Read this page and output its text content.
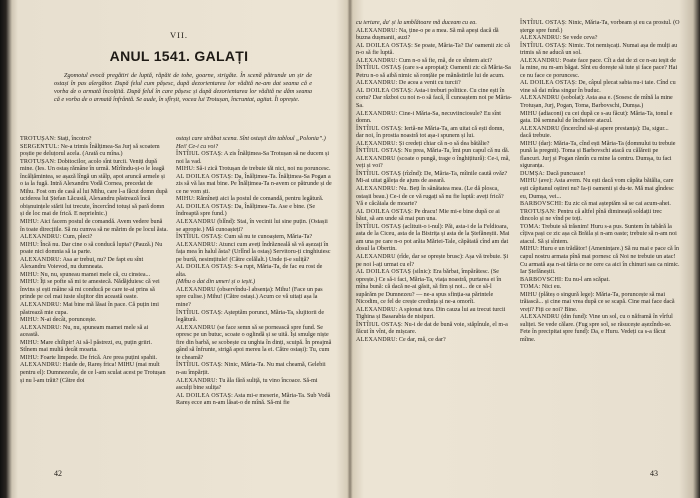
VII.
ANUL 1541. GALAȚI
Zgomotul evocă pregătiri de luptă, răpăit de tobe, goarne, strigăte. În scenă pătrunde un șir de ostași în pas alergător. După felul cum pășesc, după dezorientarea lor vădită ne-am dat seama că e vorba de o armată încolțită. După felul în care pășesc și după dezorientarea lor vădită ne dăm seama că e vorba de o armată înfrântă. Se aude, în sfîrșit, vocea lui Trotușan, încruntat, agitat. Îi oprește.

TROTUȘAN: Stați, încotro?

SERGENTUL: Ne-a trimis Înălțimea-Sa Jurj să scoatem poștie pe deluțorul acela. (Arată cu mîna.)

TROTUȘAN: Dobitocilor, acolo sînt turcii. Veniți după mine. (Ies. Un ostaș rămâne în urmă. Mîrîindu-și-o le leagă încălțămintea, se așază lîngă un stâlp, apoi aruncă armele și o ia la fugă. Intră Alexandru Vodă Cornea, precedat de Mihu. Fost om de casă al lui Mihu, care l-a făcut domn după uciderea lui Ștefan Lăcustă, Alexandru păstrează încă obișnuințele stării lui trecute, încercînd totuși să pară domn și de loc mai de frică. E neprielnic.)

MIHU: Aici facem postul de comandă. Avem vedere bună în toate direcțiile. Să nu cumva să ne mărim de pe locul ăsta.

ALEXANDRU: Cum, pleci?

MIHU: Încă nu. Dar cine o să conducă lupta? (Pauză.) Nu poate nici domnia să ia parte.

ALEXANDRU: Asa ar trebui, nu? De fapt eu sînt Alexandru Voievod, nu dumneata.

MIHU: Nu, nu, spuneau mamei mele că, cu cinstea...

MIHU: Îți se pofte să mi te amestecă. Nădăjduiesc că vei învins și ești mâine să mi conducă pe care te-ai prins să prinde pe cel mai iuste slujitor din această oaste.

ALEXANDRU: Mai bine mă lăsai în pace. Că puțin imi păstrează mie cupa.

MIHU: N-ai decât, poruncește.

ALEXANDRU: Nu, nu, spuneam mamei mele să ai această.

MIHU: Mare chilipir! Ai să-l păstrezi, eu, puțin griiri. Stînem mai multă decât moarta.

MIHU: Foarte limpede. De frică. Are prea puțini spahii.

ALEXANDRU: Haide de, Rareș frica! MIHU (mai mult pentru el): Dumnezeule, de ce l-am sculat acest pe Trotușan și nu l-am trăit? (Către doi

ostași care străbat scena. Sînt ostașii din tabloul „Polonia”.) Hei! Ce-i cu voi?

ÎNTÎIUL OSTAȘ: A zis Înălțimea-Sa Trotușan să ne ducem și noi la vad.

MIHU: Să-i zică Trotușan de trebuie tăi nici, noi nu poruncesc.

AL DOILEA OSTAȘ: Da, Înălțimea-Ta. Înălțimea-Sa Pogan a zis să vă las mai bine. Pe Înălțimea-Ta n-avem ce pătrunde și de ce ne vom ști.

MIHU: Rămîneți aici la postul de comandă, pentru legătură.

AL DOILEA OSTAȘ: Da, Înălțimea-Ta. Ase e bine. (Se îndreaptă spre fund.)

ALEXANDRU (blînd): Stai, în vecinii lui sine puțin. (Ostașii se apropie.) Mă cunoașteți?

ÎNTÎIUL OSTAȘ: Cum să nu te cunoaștem, Măria-Ta?

ALEXANDRU: Atunci cum aveți îndrăzneală să vă așezați în fața mea în halul ăsta? (Urlînd la ostaș) Servitoru-ți cinghiuiesc pe burtă, nesimțitule! (Către celălalt.) Unde ți-e suliță?

AL DOILEA OSTAȘ: S-a rupt, Măria-Ta, de fac eu rost de alta.

(Mihu o dat din umeri și o ieșit.)

ALEXANDRU (observîndu-l absența): Mihu! (Face un pas spre culise.) Mihu! (Către ostași.) Acum ce vă uitați așa la mine?

ÎNTÎIUL OSTAȘ: Așteptăm porunci, Măria-Ta, slujitorii de legătură.

ALEXANDRU (se face semn să se pornească spre fund. Se opresc pe un butuc, scoate o oglindă și se uită. Își smulge niște fire din barbă, se scobește cu unghia în dinți, scuipă. În preajmă gând să înfrunte, strigă apoi mereu la ei. Către ostași): Tu, cum te cheamă?

ÎNTÎIUL OSTAȘ: Ninic, Măria-Ta. Nu mai cheamă, Gelebii n-au împărțit.

ALEXANDRU: Tu ăla fără suliță, tu vino încoace. Să-mi asculți bine sulița?

AL DOILEA OSTAȘ: Asta mi-e meserie, Măria-Ta. Sub Vodă Rareș ecce am n-am lăsat-o de mînă. Să-mi fie

42

cu iertare, da' și la umblătoare mă duceam cu ea.

ALEXANDRU: Na, ține-o pe a mea. Să mă apeși dacă dă buzna dușmanii, auzi?

AL DOILEA OSTAȘ: Se poate, Măria-Ta? Da' oamenii zic că n-o să fie luptă.

ALEXANDRU: Cum n-o să fie, mă, de ce sîntem aici?

ÎNTÎIUL OSTAȘ (care s-a apropiat): Oamenii zic că Măria-Sa Petru n-o să aibă nimic să ronțăie pe mănăstirile lui de acum.

ALEXANDRU: De acea a venit cu turcii?

AL DOILEA OSTAȘ: Asta-i treburi politice. Cu cine ești în cortu? Dar război cu noi n-o să facă, îl cunoaștem noi pe Măria-Sa.

ALEXANDRU: Cine-i Măria-Sa, necuviinciosule? Eu sînt domn.

ÎNTÎIUL OSTAȘ: Iertă-ne Măria-Ta, am uitat că ești domn, dar noi, în prostia noastră tot așa-i spunem și lui.

ALEXANDRU: Și credeți chiar că n-o să dea bătălie?

ÎNTÎIUL OSTAȘ: Nu prea, Măria-Ta, îmi pun capul că nu dă.

ALEXANDRU (scoate o pungă, trage o înghițitură): Ce-i, mă, veți și voi?

ÎNTÎIUL OSTAȘ (rîzînd): De, Măria-Ta, mîinile caută ovăz? Mi-ai uitat găleța de ajuns de aseară.

ALEXANDRU: Nu. Beți în sănătatea mea. (Le dă plosca, ostașii beau.) Ce-i de ce vă rugați să nu fie luptă: aveți frică? Vă e căcăiala de moarte?

AL DOILEA OSTAȘ: Pe dracu! Mie mi-e bine după ce ai băut, să am unde să mai pun una.

ÎNTÎIUL OSTAȘ (aclituit-o i-nul): Păi, asta-i de la Feldioara, asta de la Ciceu, asta de la Bistrița și asta de la Ștefăneștii. Mai am una pe care n-o pot arăta Măriei-Tale, căpătată cînd am dat dosul la Obertin.

ALEXANDRU (rîde, dar se oprește brusc): Așa vă trebuie. Și pe noi l-ați urmat cu el?

AL DOILEA OSTAȘ (silnic): Era bărbat, împărătesc. (Se oprește.) Ce să-i faci, Măria-Ta, viața noastră, purtarea ei în mîna bună: că dacă ne-ai găsit, să fim și noi... de ce să-l supărăm pe Dumnezeu? — ne-a spus sfinția-sa părintele Nicodim, ce fel de crește credința și ne-a omorît.

ALEXANDRU: A spionat tura. Din cauza lui au trecut turcii Tighina și Basarabia de nisipuri.

ÎNTÎIUL OSTAȘ: Nu-i de dat de bună voie, stăpînule, el m-a făcut în vînt, de mișcare.

ALEXANDRU: Ce dar, mă, ce dar?

ÎNTÎIUL OSTAȘ: Ninic, Măria-Ta, vorbeam și eu ca prostul. (O șterge spre fund.)

ALEXANDRU: Se vede ceva?

ÎNTÎIUL OSTAȘ: Nimic. Tot nemișcați. Numai așa de mulți au trimis să ne aducă un sol.

ALEXANDRU: Poate face pace. Cît a dat de zi ce n-au ieșit de la mine, nu m-am băgat. Sînt eu dorește să iute și face pace? Hai ce nu face ce poruncesc.

AL DOILEA OSTAȘ: De, câpul plecat sabia nu-i taie. Cînd cu vine să dai mîna singur în buduc.

ALEXANDRU (sobolat): Asta asa e. (Sosesc de mînă la mine Trotușan, Jurj, Pogan, Toma, Barbovschi, Dumșa.)

MIHU (adiaconi) cu cei după ce s-au făcut): Măria-Ta, tonul e gata. Dă semnalul de încheiere atacul.

ALEXANDRU (încercînd să-și apere prestanța): Da, sigur... dacă trebuie.

MIHU (dar): Măria-Ta, cînd ești Măria-Ta (domnului tu trebuie pună la pregnit). Toma și Barbovschi atacă cu călăreii pe flancuri. Jurj și Pogan rămîn cu mine la centru. Dumșa, tu faci siguranța.

DUMȘA: Dacă puncuace!

MIHU (ave): Asta avem. Nu ești dacă vom căpăta bătălia, care ești câpitanul oștirei nu? Ia-ți oamenii și du-te. Mă mai gîndesc eu, Dumșa, vei...

BARBOVSCHI: Eu zic că mai așteptăm să se cai acum-ahei.

TROTUȘAN: Pentru că altfel pînă dimineață soldații trec dincolo și ne vînd pe toți.

TOMA: Trebuie să trăsnim! Huru s-a pus. Suntem în tabără la cîțiva pași ce zic așa că Brăila și n-am oaste; trebuie să n-am noi atacul. Să și sîntem.

MIHU: Huru e un trădător! (Amenințare.) Să nu mai e pace că în capul nostru armata pînă mai pornesc că Noi ne trebuie un atac! Cu armată așa n-ai tăria ce ne cere ca aici în chinuri sau ca nimic. Iar Ștefăneștii.

BARBOVSCHI: Eu nu-l am scăpat.

TOMA: Nici eu.

MIHU (plăteș o singură lege): Măria-Ta, poruncește să mai trăiască... și cine mai vrea după ce se scapă. Cine mai face dacă vreți? Fiți ce noi? Bine.

ALEXANDRU (din fund): Vine un sol, cu o năframă în vîrful suliței. Se vede călare. (Fug spre sol, se răsucește așezîndu-se. Fete în precipitat spre fund): Da, e Huru. Vedeți ca s-a făcut mîine.

43
